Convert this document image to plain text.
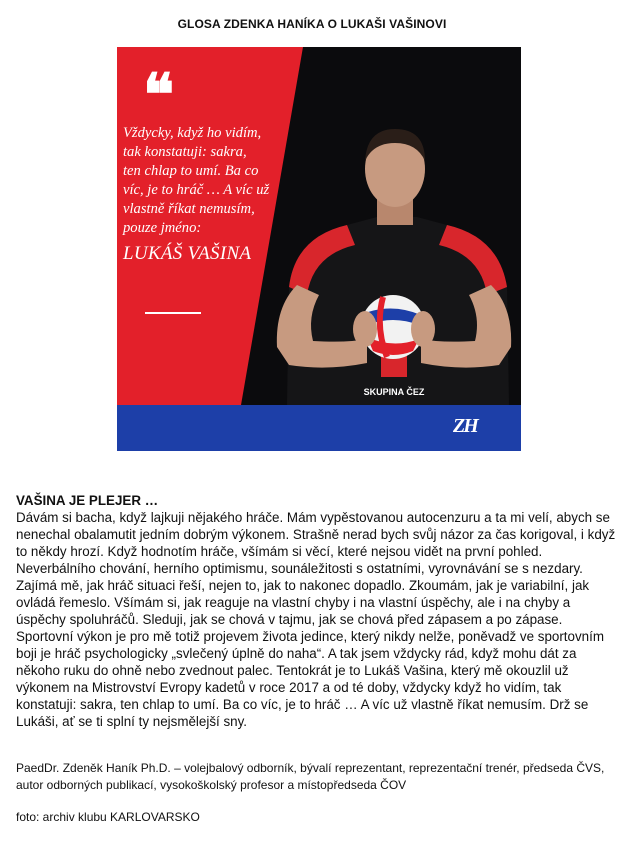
GLOSA ZDENKA HANÍKA O LUKAŠI VAŠINOVI
❝
Vždycky, když ho vidím,
tak konstatuji: sakra,
ten chlap to umí. Ba co
víc, je to hráč … A víc už
vlastně říkat nemusím,
pouze jméno:
LUKÁŠ VAŠINA
SKUPINA ČEZ
ZH
VAŠINA JE PLEJER …

Dávám si bacha, když lajkuji nějakého hráče. Mám vypěstovanou autocenzuru a ta mi velí, abych se nenechal obalamutit jedním dobrým výkonem. Strašně nerad bych svůj názor za čas korigoval, i když to někdy hrozí. Když hodnotím hráče, všímám si věcí, které nejsou vidět na první pohled. Neverbálního chování, herního optimismu, sounáležitosti s ostatními, vyrovnávání se s nezdary. Zajímá mě, jak hráč situaci řeší, nejen to, jak to nakonec dopadlo. Zkoumám, jak je variabilní, jak ovládá řemeslo. Všímám si, jak reaguje na vlastní chyby i na vlastní úspěchy, ale i na chyby a úspěchy spoluhráčů. Sleduji, jak se chová v tajmu, jak se chová před zápasem a po zápase. Sportovní výkon je pro mě totiž projevem života jedince, který nikdy nelže, poněvadž ve sportovním boji je hráč psychologicky „svlečený úplně do naha“. A tak jsem vždycky rád, když mohu dát za někoho ruku do ohně nebo zvednout palec. Tentokrát je to Lukáš Vašina, který mě okouzlil už výkonem na Mistrovství Evropy kadetů v roce 2017 a od té doby, vždycky když ho vidím, tak konstatuji: sakra, ten chlap to umí. Ba co víc, je to hráč … A víc už vlastně říkat nemusím. Drž se Lukáši, ať se ti splní ty nejsmělejší sny.

PaedDr. Zdeněk Haník Ph.D. – volejbalový odborník, bývalí reprezentant, reprezentační trenér, předseda ČVS, autor odborných publikací, vysokoškolský profesor a místopředseda ČOV
foto: archiv klubu KARLOVARSKO
